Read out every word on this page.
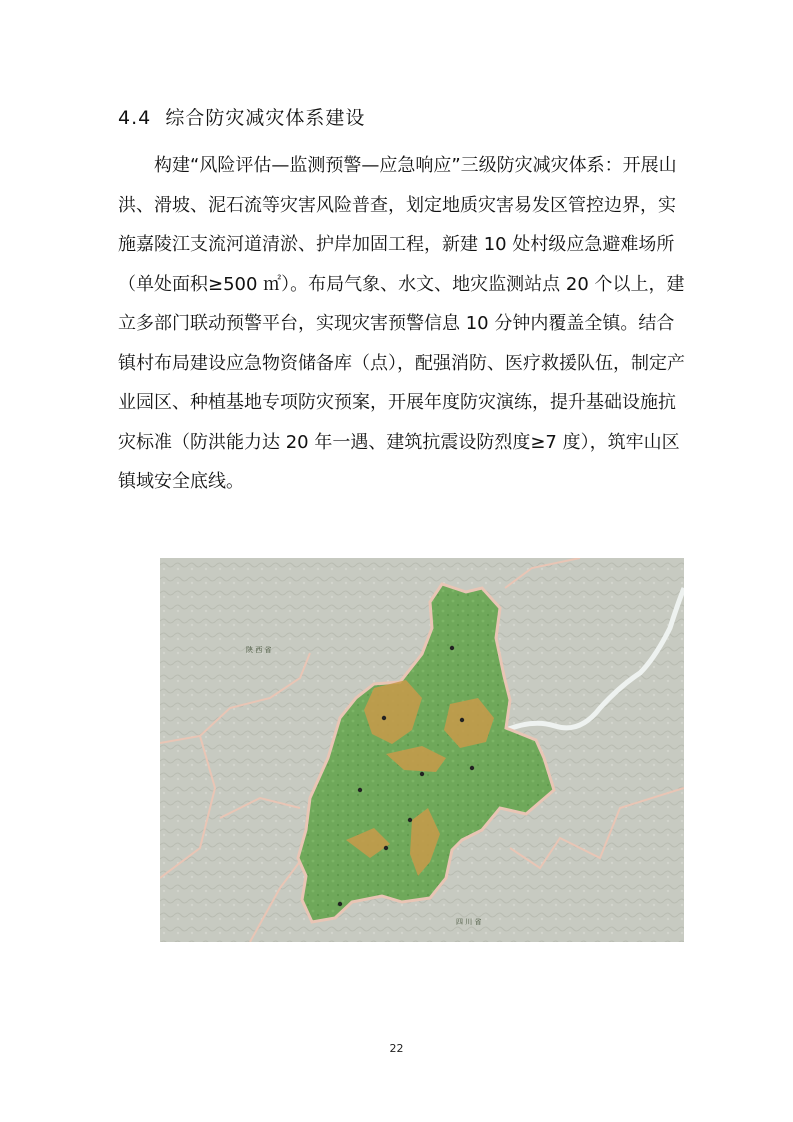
4.4 综合防灾减灾体系建设

构建“风险评估—监测预警—应急响应”三级防灾减灾体系：开展山洪、滑坡、泥石流等灾害风险普查，划定地质灾害易发区管控边界，实施嘉陵江支流河道清淤、护岸加固工程，新建 10 处村级应急避难场所（单处面积≥500 ㎡）。布局气象、水文、地灾监测站点 20 个以上，建立多部门联动预警平台，实现灾害预警信息 10 分钟内覆盖全镇。结合镇村布局建设应急物资储备库（点），配强消防、医疗救援队伍，制定产业园区、种植基地专项防灾预案，开展年度防灾演练，提升基础设施抗灾标准（防洪能力达 20 年一遇、建筑抗震设防烈度≥7 度），筑牢山区镇域安全底线。

陕 西 省
四 川 省
22
